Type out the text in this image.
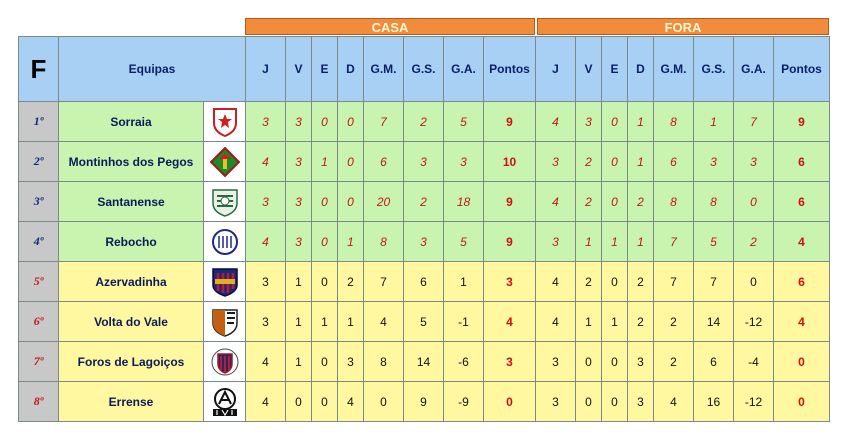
CASA	FORA
F	Equipas		J	V	E	D	G.M.	G.S.	G.A.	Pontos	J	V	E	D	G.M.	G.S.	G.A.	Pontos
1º	Sorraia		3	3	0	0	7	2	5	9	4	3	0	1	8	1	7	9
2º	Montinhos dos Pegos		4	3	1	0	6	3	3	10	3	2	0	1	6	3	3	6
3º	Santanense		3	3	0	0	20	2	18	9	4	2	0	2	8	8	0	6
4º	Rebocho		4	3	0	1	8	3	5	9	3	1	1	1	7	5	2	4
5º	Azervadinha		3	1	0	2	7	6	1	3	4	2	0	2	7	7	0	6
6º	Volta do Vale		3	1	1	1	4	5	-1	4	4	1	1	2	2	14	-12	4
7º	Foros de Lagoiços		4	1	0	3	8	14	-6	3	3	0	0	3	2	6	-4	0
8º	Errense		4	0	0	4	0	9	-9	0	3	0	0	3	4	16	-12	0
